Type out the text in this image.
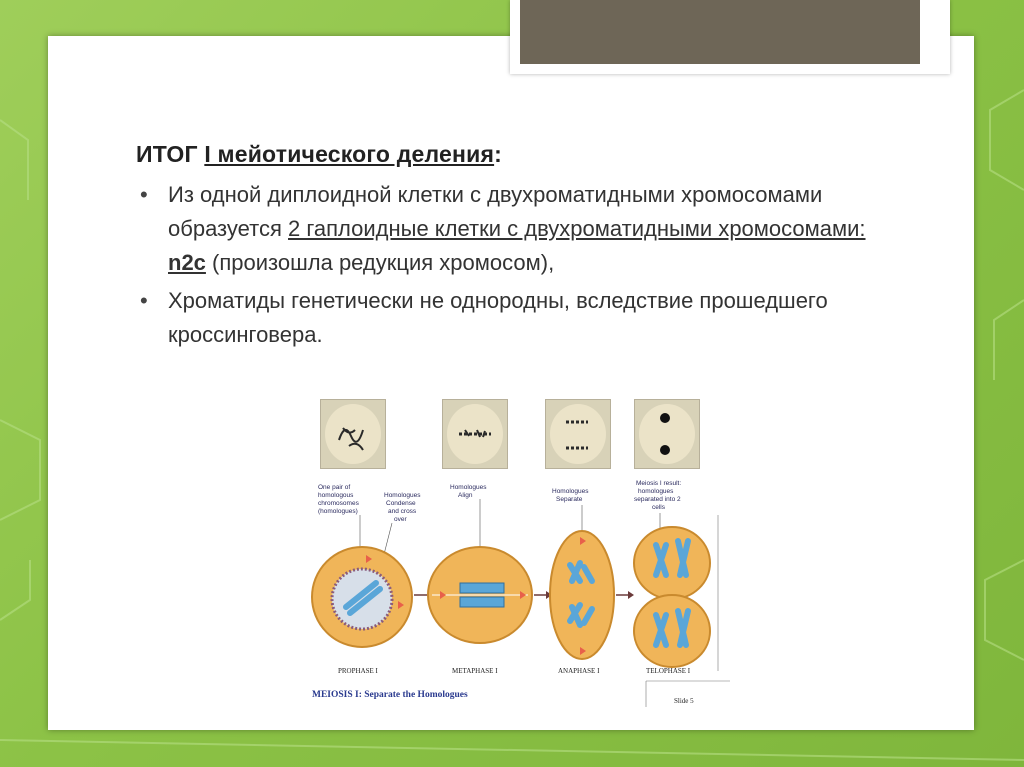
ИТОГ I мейотического деления:
• Из одной диплоидной клетки с двухроматидными хромосомами образуется 2 гаплоидные клетки с двухроматидными хромосомами: n2c (произошла редукция хромосом),
• Хроматиды генетически не однородны, вследствие прошедшего кроссинговера.
One pair of homologous chromosomes (homologues)
Homologues Condense and cross over
Homologues Align
Homologues Separate
Meiosis I result: homologues separated into 2 cells
PROPHASE I	METAPHASE I	ANAPHASE I	TELOPHASE I
MEIOSIS I: Separate the Homologues
Slide 5
